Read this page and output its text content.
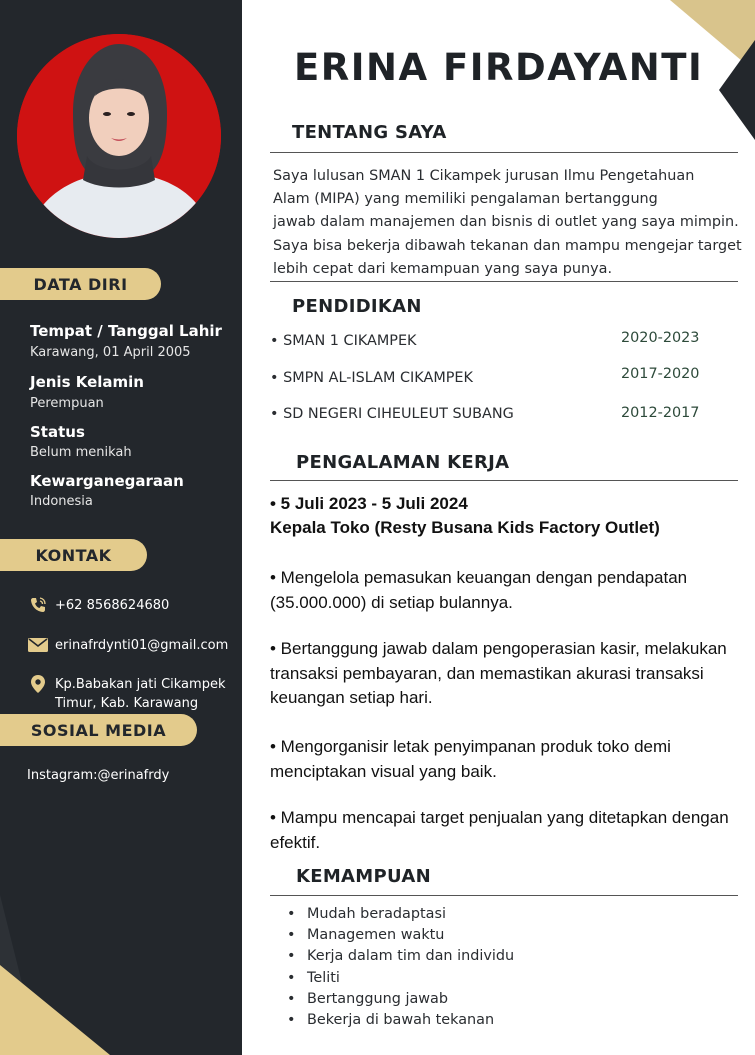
DATA DIRI
Tempat / Tanggal Lahir
Karawang, 01 April 2005
Jenis Kelamin
Perempuan
Status
Belum menikah
Kewarganegaraan
Indonesia
KONTAK
+62 8568624680
erinafrdynti01@gmail.com
Kp.Babakan jati Cikampek
Timur, Kab. Karawang
SOSIAL MEDIA
Instagram:@erinafrdy
ERINA FIRDAYANTI
TENTANG SAYA
Saya lulusan SMAN 1 Cikampek jurusan Ilmu Pengetahuan
Alam (MIPA) yang memiliki pengalaman bertanggung
jawab dalam manajemen dan bisnis di outlet yang saya mimpin.
Saya bisa bekerja dibawah tekanan dan mampu mengejar target
lebih cepat dari kemampuan yang saya punya.
PENDIDIKAN
• SMAN 1 CIKAMPEK	2020-2023
• SMPN AL-ISLAM CIKAMPEK	2017-2020
• SD NEGERI CIHEULEUT SUBANG	2012-2017
PENGALAMAN KERJA
• 5 Juli 2023 - 5 Juli 2024
Kepala Toko (Resty Busana Kids Factory Outlet)
• Mengelola pemasukan keuangan dengan pendapatan
(35.000.000) di setiap bulannya.
• Bertanggung jawab dalam pengoperasian kasir, melakukan
transaksi pembayaran, dan memastikan akurasi transaksi
keuangan setiap hari.
• Mengorganisir letak penyimpanan produk toko demi
menciptakan visual yang baik.
• Mampu mencapai target penjualan yang ditetapkan dengan
efektif.
KEMAMPUAN
• Mudah beradaptasi
• Managemen waktu
• Kerja dalam tim dan individu
• Teliti
• Bertanggung jawab
• Bekerja di bawah tekanan
